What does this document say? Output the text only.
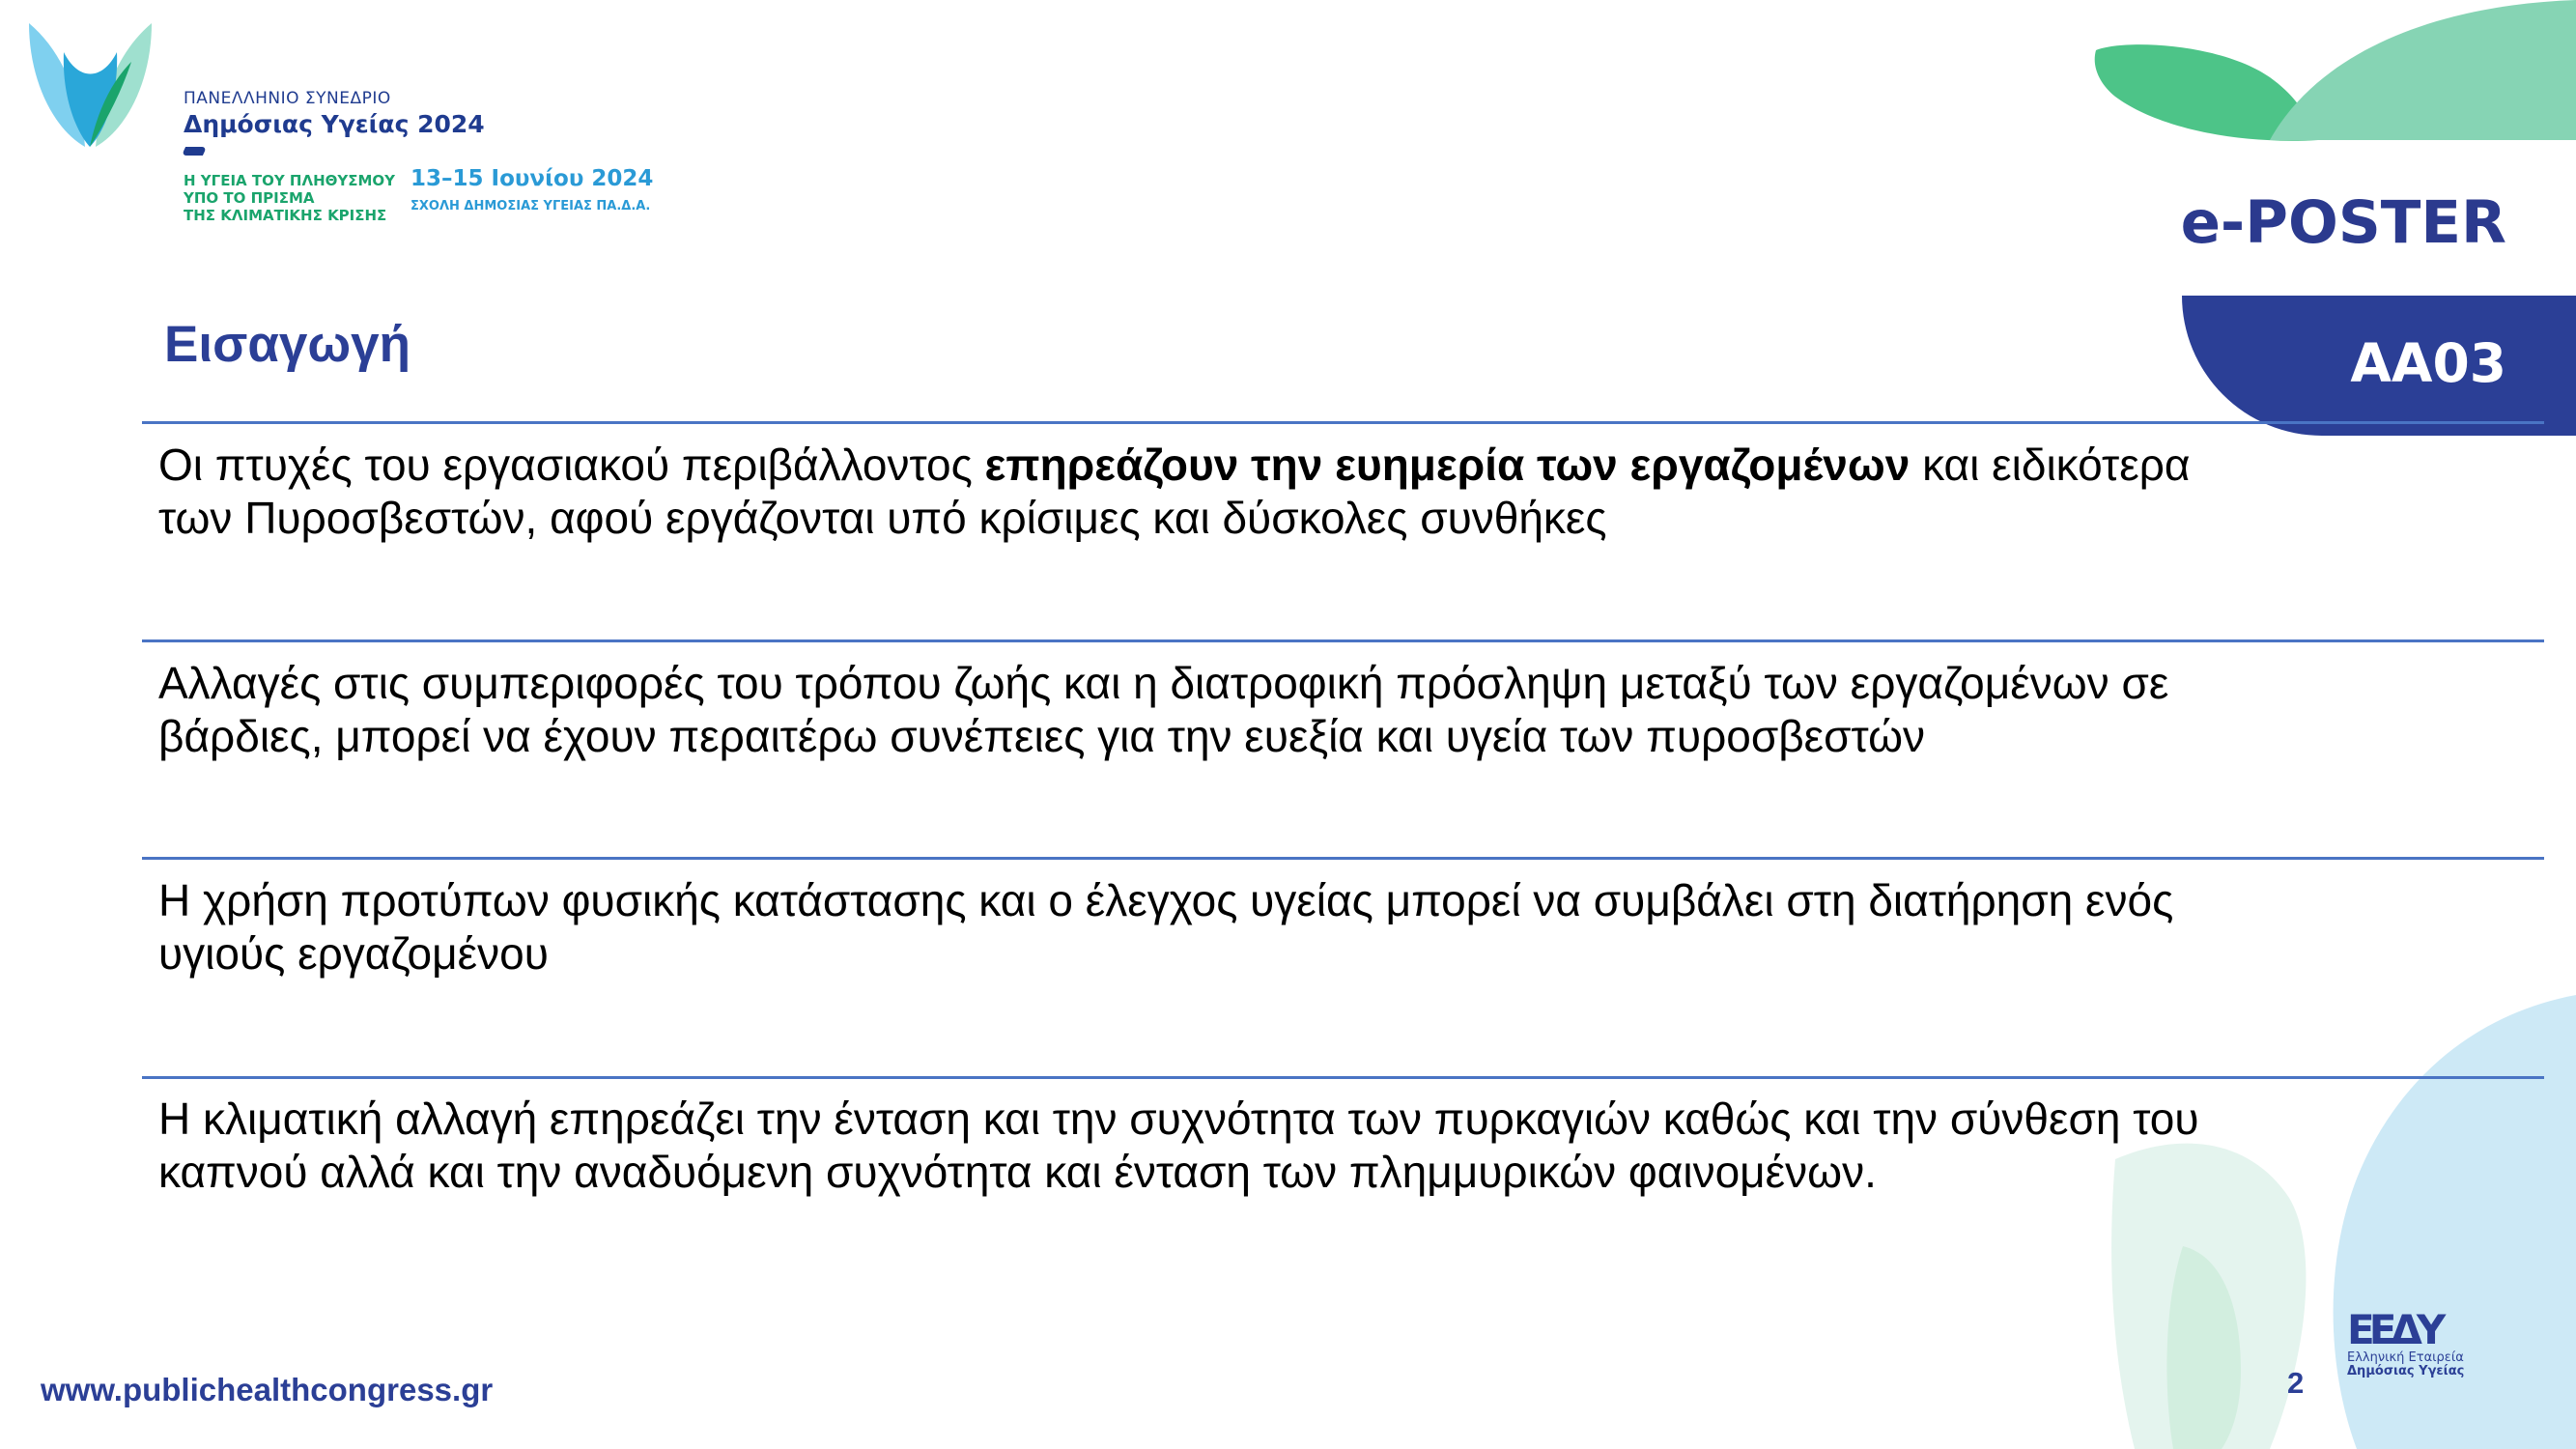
ΠΑΝΕΛΛΗΝΙΟ ΣΥΝΕΔΡΙΟ
Δημόσιας Υγείας 2024
Η ΥΓΕΙΑ ΤΟΥ ΠΛΗΘΥΣΜΟΥ
ΥΠΟ ΤΟ ΠΡΙΣΜΑ
ΤΗΣ ΚΛΙΜΑΤΙΚΗΣ ΚΡΙΣΗΣ
13–15 Ιουνίου 2024
ΣΧΟΛΗ ΔΗΜΟΣΙΑΣ ΥΓΕΙΑΣ ΠΑ.Δ.Α.	e-POSTER
AA03
Εισαγωγή
Οι πτυχές του εργασιακού περιβάλλοντος επηρεάζουν την ευημερία των εργαζομένων και ειδικότερα
των Πυροσβεστών, αφού εργάζονται υπό κρίσιμες και δύσκολες συνθήκες
Αλλαγές στις συμπεριφορές του τρόπου ζωής και η διατροφική πρόσληψη μεταξύ των εργαζομένων σε
βάρδιες, μπορεί να έχουν περαιτέρω συνέπειες για την ευεξία και υγεία των πυροσβεστών
Η χρήση προτύπων φυσικής κατάστασης και ο έλεγχος υγείας μπορεί να συμβάλει στη διατήρηση ενός
υγιούς εργαζομένου
Η κλιματική αλλαγή επηρεάζει την ένταση και την συχνότητα των πυρκαγιών καθώς και την σύνθεση του
καπνού αλλά και την αναδυόμενη συχνότητα και ένταση των πλημμυρικών φαινομένων.
www.publichealthcongress.gr	2
ΕΕΔΥ
Ελληνική Εταιρεία
Δημόσιας Υγείας
